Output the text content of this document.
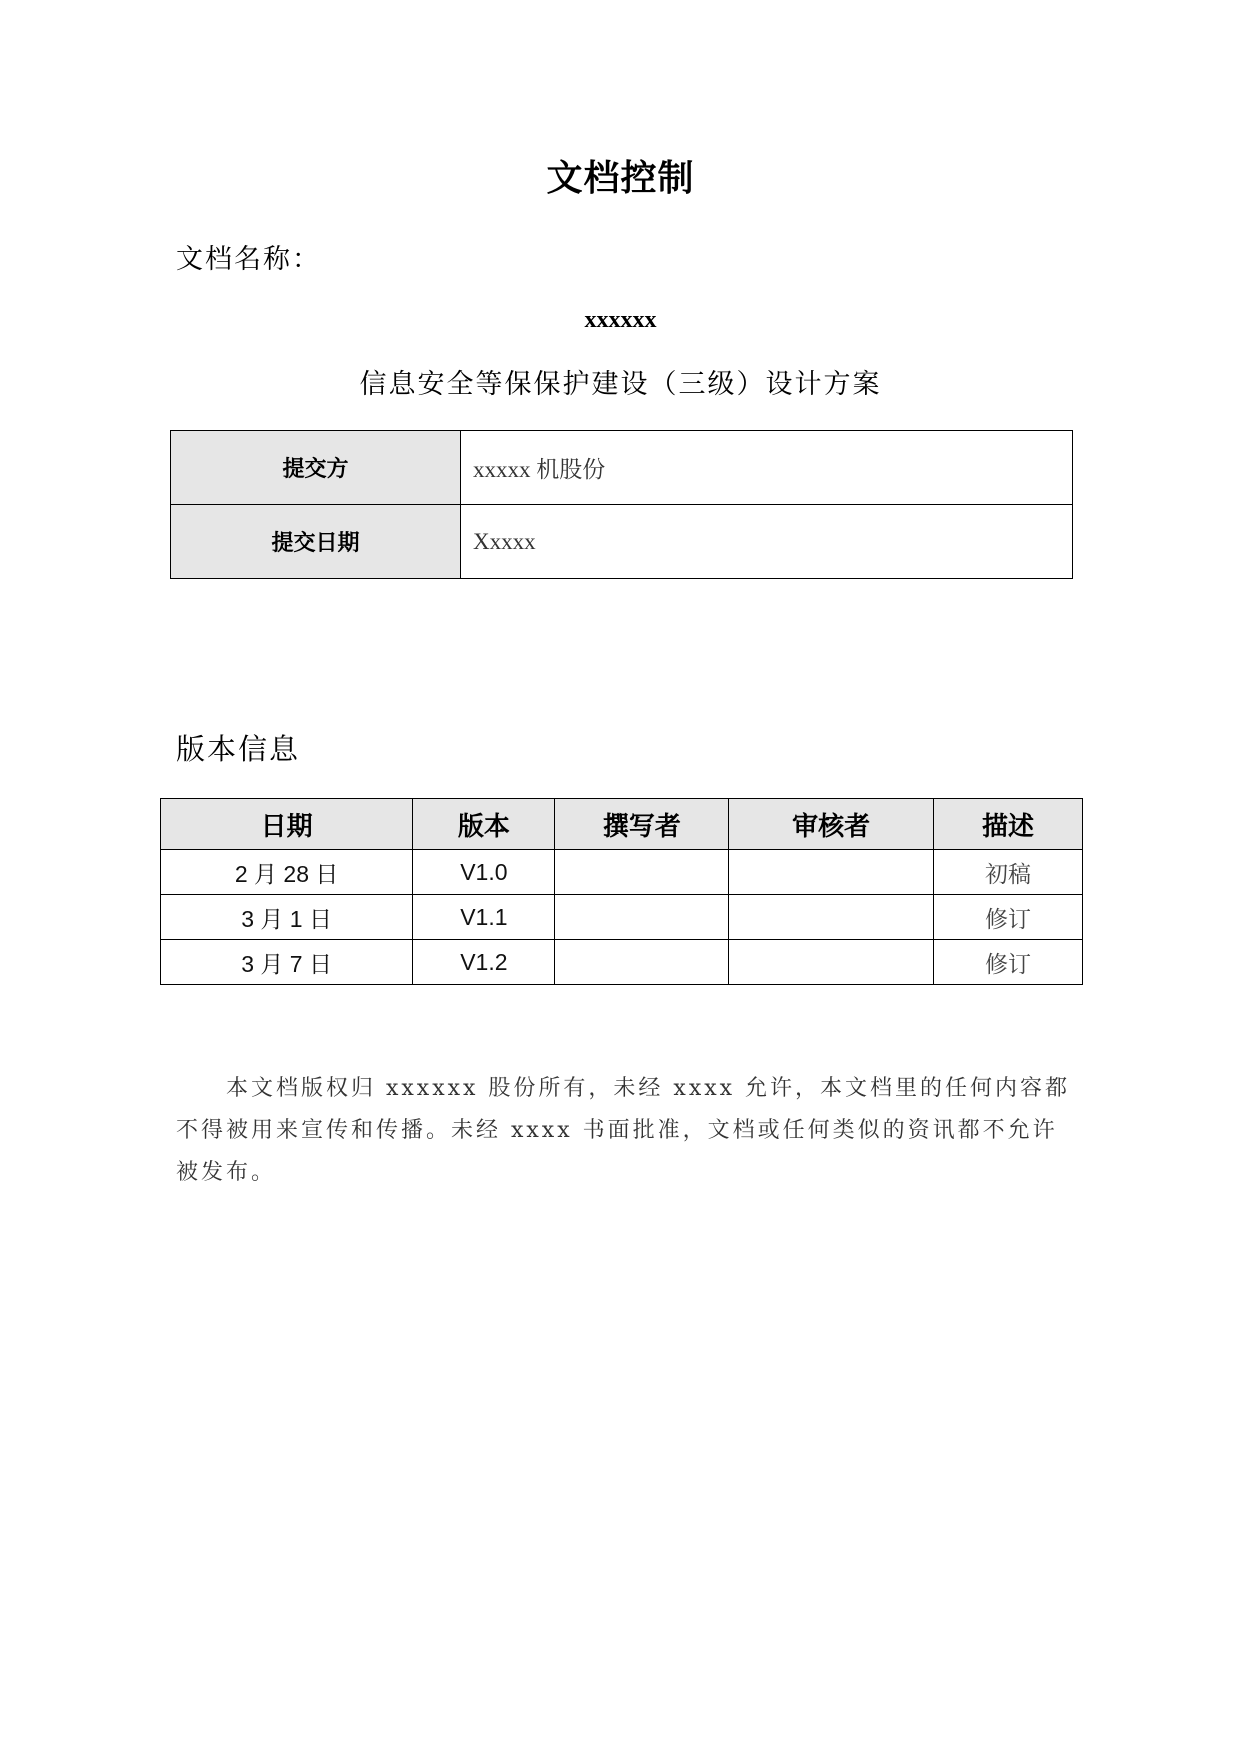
文档控制
文档名称：
xxxxxx
信息安全等保保护建设（三级）设计方案
提交方	xxxxx 机股份
提交日期	Xxxxx
版本信息
日期	版本	撰写者	审核者	描述
2 月 28 日	V1.0			初稿
3 月 1 日	V1.1			修订
3 月 7 日	V1.2			修订
本文档版权归 xxxxxx 股份所有，未经 xxxx 允许，本文档里的任何内容都不得被用来宣传和传播。未经 xxxx 书面批准，文档或任何类似的资讯都不允许被发布。
